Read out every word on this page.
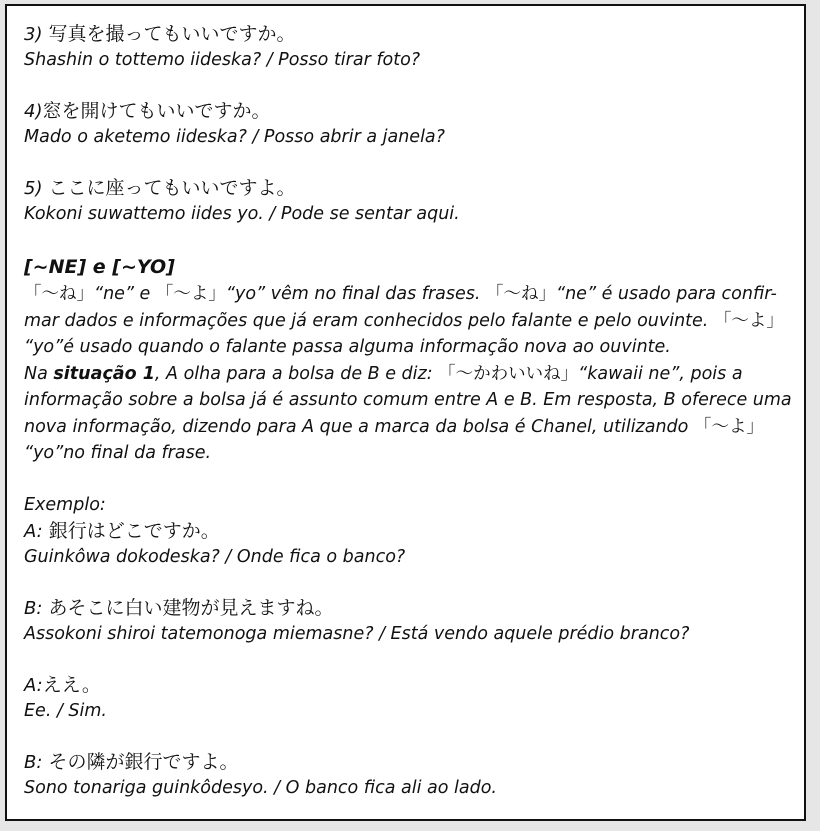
3) 写真を撮ってもいいですか。
Shashin o tottemo iideska? / Posso tirar foto?
4)窓を開けてもいいですか。
Mado o aketemo iideska? / Posso abrir a janela?
5) ここに座ってもいいですよ。
Kokoni suwattemo iides yo. / Pode se sentar aqui.
[~NE] e [~YO]
「～ね」“ne” e 「～よ」“yo” vêm no final das frases. 「～ね」“ne” é usado para confir-
mar dados e informações que já eram conhecidos pelo falante e pelo ouvinte. 「～よ」
“yo”é usado quando o falante passa alguma informação nova ao ouvinte.
Na situação 1, A olha para a bolsa de B e diz: 「～かわいいね」“kawaii ne”, pois a
informação sobre a bolsa já é assunto comum entre A e B. Em resposta, B oferece uma
nova informação, dizendo para A que a marca da bolsa é Chanel, utilizando 「～よ」
“yo”no final da frase.
Exemplo:
A: 銀行はどこですか。
Guinkôwa dokodeska? / Onde fica o banco?
B: あそこに白い建物が見えますね。
Assokoni shiroi tatemonoga miemasne? / Está vendo aquele prédio branco?
A:ええ。
Ee. / Sim.
B: その隣が銀行ですよ。
Sono tonariga guinkôdesyo. / O banco fica ali ao lado.
